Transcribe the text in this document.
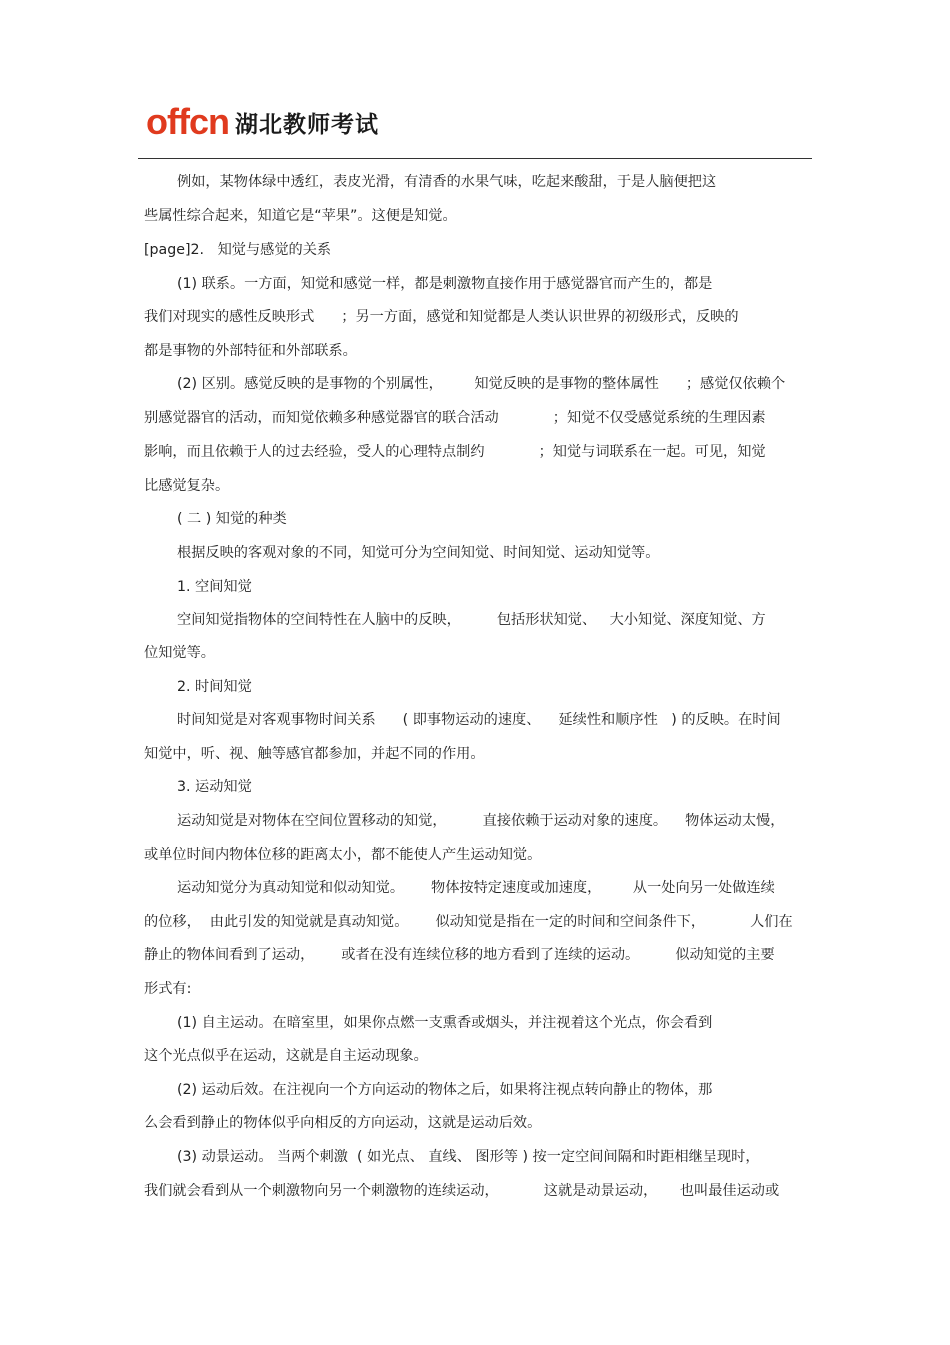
offcn 湖北教师考试
例如，某物体绿中透红，表皮光滑，有清香的水果气味，吃起来酸甜，于是人脑便把这
些属性综合起来，知道它是“苹果”。这便是知觉。
[page]2.   知觉与感觉的关系
(1) 联系。一方面，知觉和感觉一样，都是刺激物直接作用于感觉器官而产生的，都是
我们对现实的感性反映形式      ；另一方面，感觉和知觉都是人类认识世界的初级形式，反映的
都是事物的外部特征和外部联系。
(2) 区别。感觉反映的是事物的个别属性，       知觉反映的是事物的整体属性      ；感觉仅依赖个
别感觉器官的活动，而知觉依赖多种感觉器官的联合活动            ；知觉不仅受感觉系统的生理因素
影响，而且依赖于人的过去经验，受人的心理特点制约            ；知觉与词联系在一起。可见，知觉
比感觉复杂。
( 二 ) 知觉的种类
根据反映的客观对象的不同，知觉可分为空间知觉、时间知觉、运动知觉等。
1. 空间知觉
空间知觉指物体的空间特性在人脑中的反映，        包括形状知觉、   大小知觉、深度知觉、方
位知觉等。
2. 时间知觉
时间知觉是对客观事物时间关系      ( 即事物运动的速度、    延续性和顺序性   ) 的反映。在时间
知觉中，听、视、触等感官都参加，并起不同的作用。
3. 运动知觉
运动知觉是对物体在空间位置移动的知觉，        直接依赖于运动对象的速度。    物体运动太慢，
或单位时间内物体位移的距离太小，都不能使人产生运动知觉。
运动知觉分为真动知觉和似动知觉。      物体按特定速度或加速度，       从一处向另一处做连续
的位移，  由此引发的知觉就是真动知觉。      似动知觉是指在一定的时间和空间条件下，          人们在
静止的物体间看到了运动，      或者在没有连续位移的地方看到了连续的运动。        似动知觉的主要
形式有:
(1) 自主运动。在暗室里，如果你点燃一支熏香或烟头，并注视着这个光点，你会看到
这个光点似乎在运动，这就是自主运动现象。
(2) 运动后效。在注视向一个方向运动的物体之后，如果将注视点转向静止的物体，那
么会看到静止的物体似乎向相反的方向运动，这就是运动后效。
(3) 动景运动。 当两个刺激  ( 如光点、 直线、 图形等 ) 按一定空间间隔和时距相继呈现时，
我们就会看到从一个刺激物向另一个刺激物的连续运动，          这就是动景运动，     也叫最佳运动或
